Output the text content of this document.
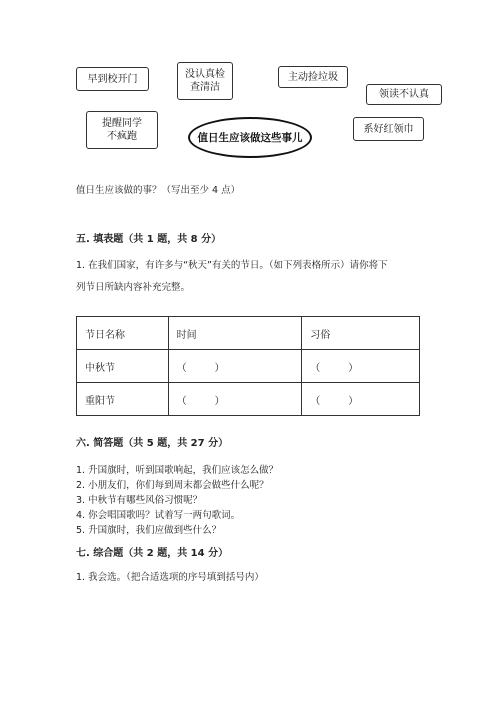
早到校开门	没认真检
查清洁
主动捡垃圾
领读不认真
提醒同学
不疯跑	值日生应该做这些事儿
系好红领巾
值日生应该做的事？（写出至少 4 点）
五. 填表题（共 1 题，共 8 分）
1. 在我们国家，有许多与“秋天”有关的节日。（如下列表格所示）请你将下
列节日所缺内容补充完整。
节日名称	时间	习俗
中秋节	（ ）	（ ）
重阳节	（ ）	（ ）
六. 简答题（共 5 题，共 27 分）
1. 升国旗时，听到国歌响起，我们应该怎么做？
2. 小朋友们，你们每到周末都会做些什么呢？
3. 中秋节有哪些风俗习惯呢？
4. 你会唱国歌吗？试着写一两句歌词。
5. 升国旗时，我们应做到些什么？
七. 综合题（共 2 题，共 14 分）
1. 我会选。（把合适选项的序号填到括号内）
